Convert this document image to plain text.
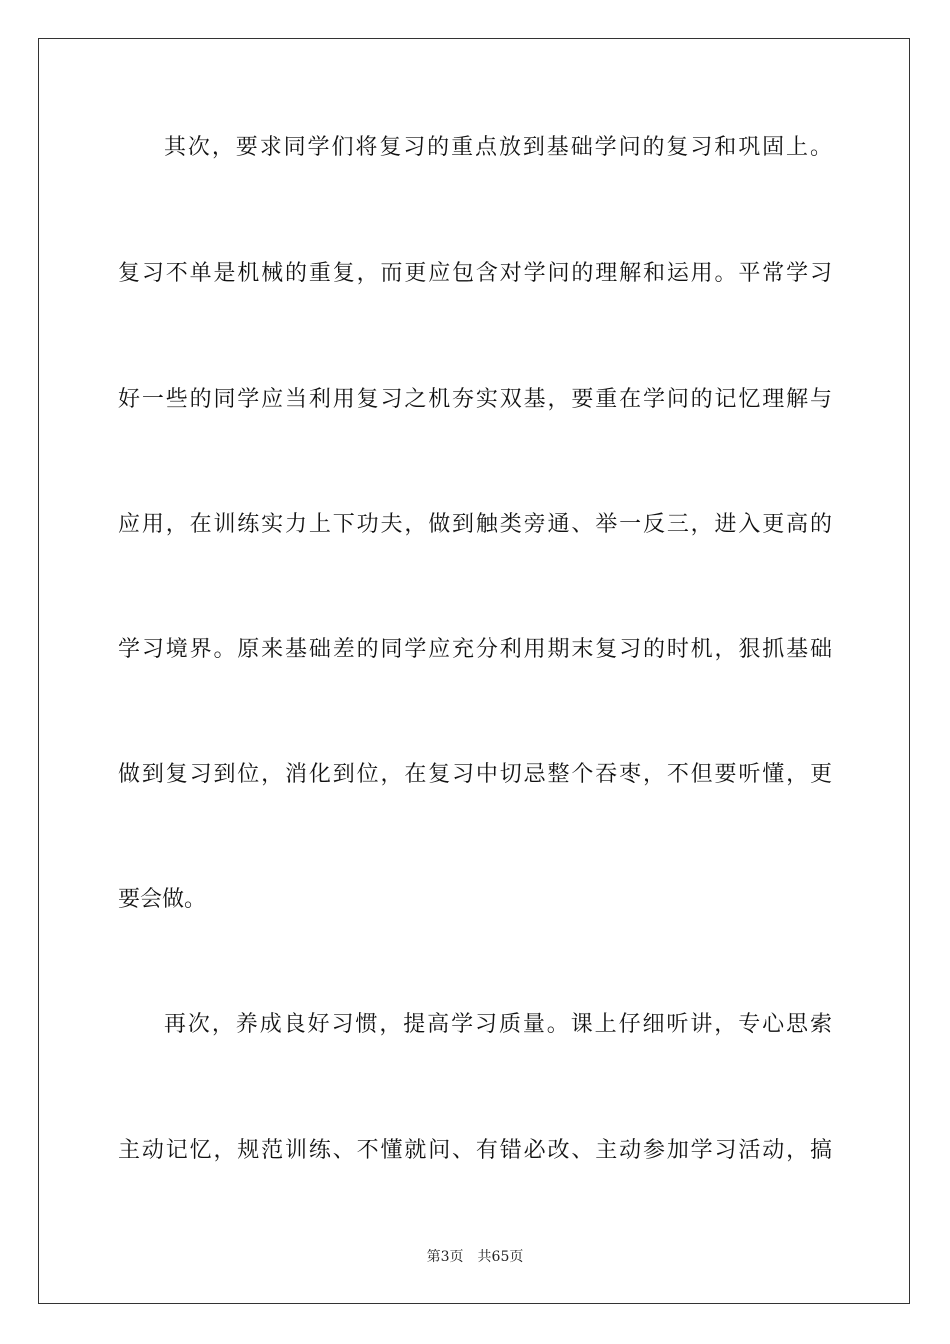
其次，要求同学们将复习的重点放到基础学问的复习和巩固上。
复习不单是机械的重复，而更应包含对学问的理解和运用。平常学习
好一些的同学应当利用复习之机夯实双基，要重在学问的记忆理解与
应用，在训练实力上下功夫，做到触类旁通、举一反三，进入更高的
学习境界。原来基础差的同学应充分利用期末复习的时机，狠抓基础
做到复习到位，消化到位，在复习中切忌整个吞枣，不但要听懂，更
要会做。
再次，养成良好习惯，提高学习质量。课上仔细听讲，专心思索
主动记忆，规范训练、不懂就问、有错必改、主动参加学习活动，搞
第3页 共65页
